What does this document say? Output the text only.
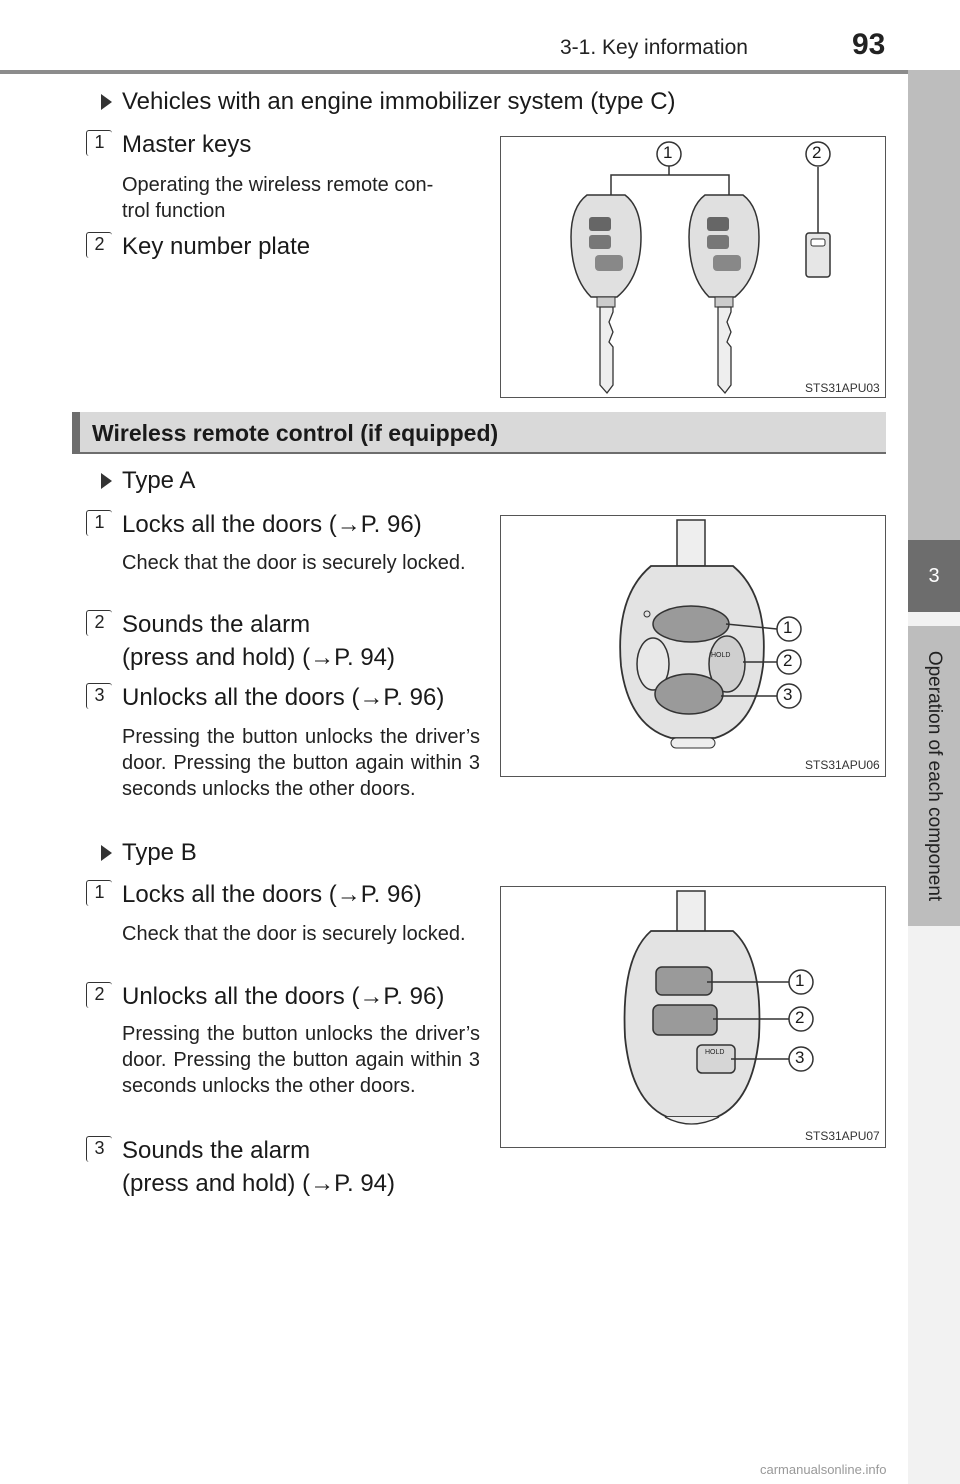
3-1. Key information	93
3
Operation of each component
Vehicles with an engine immobilizer system (type C)
1 Master keys
Operating the wireless remote con-
trol function
2 Key number plate
1	2
STS31APU03
Wireless remote control (if equipped)
Type A
1 Locks all the doors (→P. 96)
Check that the door is securely locked.
2 Sounds the alarm
(press and hold) (→P. 94)
3 Unlocks all the doors (→P. 96)
Pressing the button unlocks the driver’s door. Pressing the button again within 3 seconds unlocks the other doors.
HOLD
1
2
3
STS31APU06
Type B
1 Locks all the doors (→P. 96)
Check that the door is securely locked.
2 Unlocks all the doors (→P. 96)
Pressing the button unlocks the driver’s door. Pressing the button again within 3 seconds unlocks the other doors.
3 Sounds the alarm
(press and hold) (→P. 94)
HOLD
1
2
3
STS31APU07
carmanualsonline.info
